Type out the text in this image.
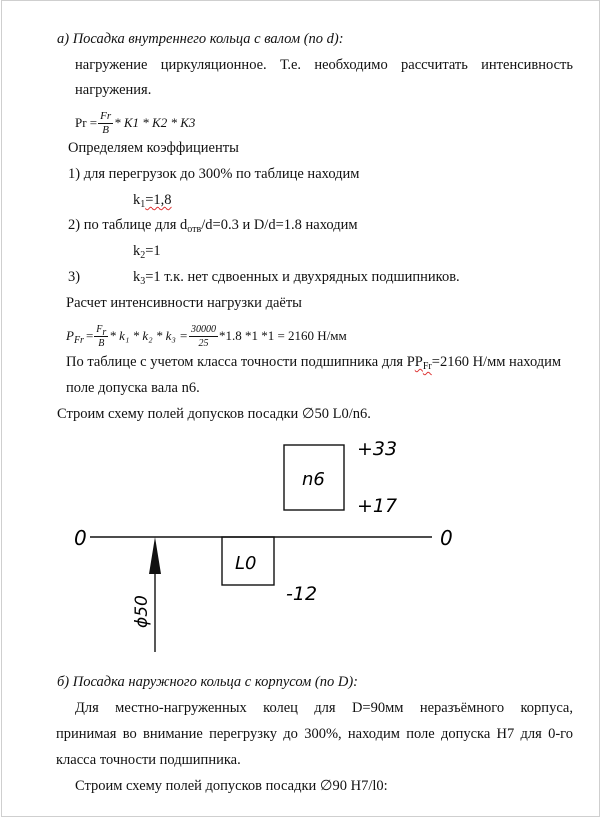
а) Посадка внутреннего кольца с валом (по d):
нагружение циркуляционное. Т.е. необходимо рассчитать интенсивность
нагружения.
$Pr = \frac{Fr}{B} * K1 * K2 * K3$
Определяем коэффициенты
1) для перегрузок до 300% по таблице находим
$k_1=1,8$
2) по таблице для $d_{отв}/d=0.3$ и D/d=1.8 находим
$k_2=1$
3)	$k_3=1$ т.к. нет сдвоенных и двухрядных подшипников.
Расчет интенсивности нагрузки даёты
$P_{Fr} = \frac{F_r}{B} * k_1 * k_2 * k_3 = \frac{30000}{25} *1.8$ *1 *1 = 2160 Н/мм
По таблице с учетом класса точности подшипника для $PP_{Fr}=2160$ Н/мм находим
поле допуска вала n6.
Строим схему полей допусков посадки ∅50 L0/n6.
0	0
n6
+33
+17
L0
-12
ϕ50
б) Посадка наружного кольца с корпусом (по D):
Для местно-нагруженных колец для D=90мм неразъёмного корпуса,
принимая во внимание перегрузку до 300%, находим поле допуска H7 для 0-го
класса точности подшипника.
Строим схему полей допусков посадки ∅90 H7/l0:
